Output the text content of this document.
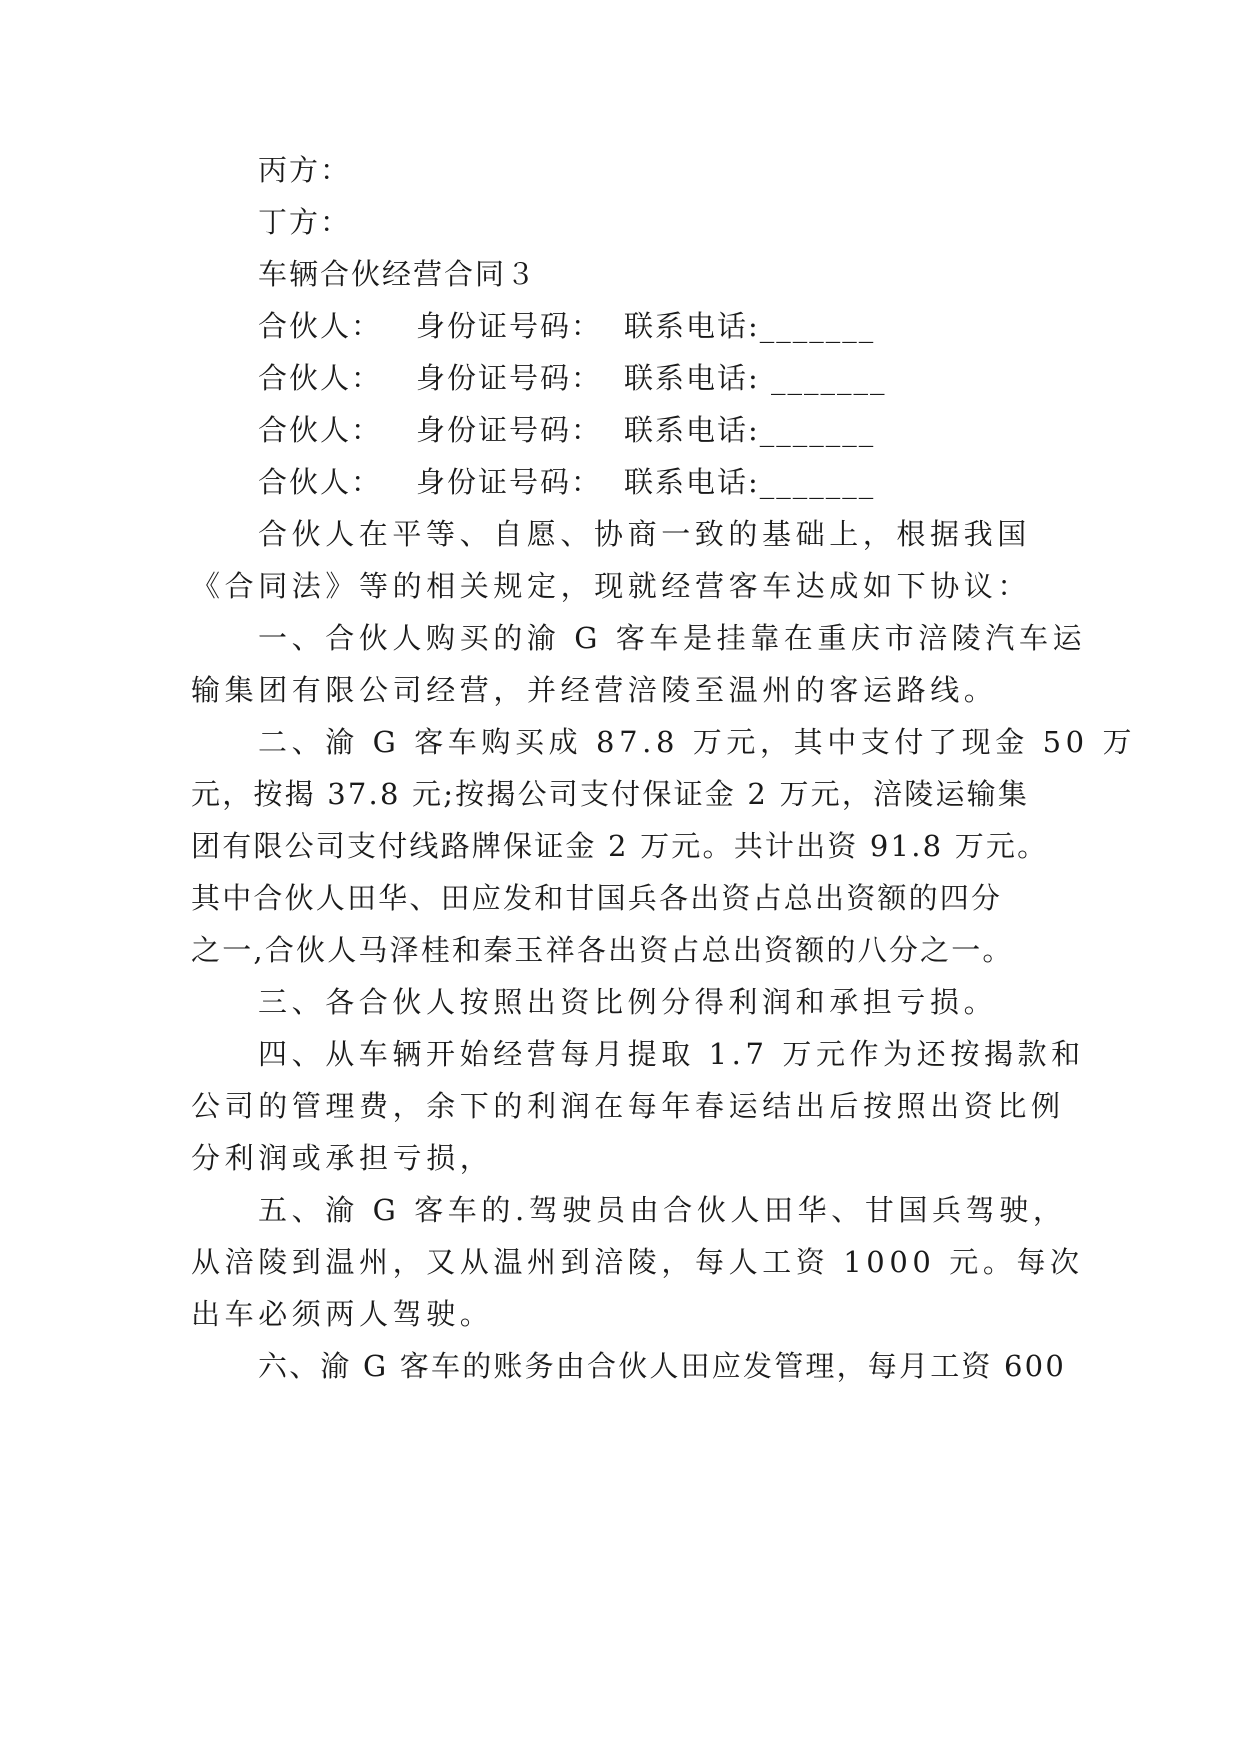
丙方：
丁方：
车辆合伙经营合同３
合伙人： 身份证号码： 联系电话:_______
合伙人： 身份证号码： 联系电话: _______
合伙人： 身份证号码： 联系电话:_______
合伙人： 身份证号码： 联系电话:_______
合伙人在平等、自愿、协商一致的基础上，根据我国
《合同法》等的相关规定，现就经营客车达成如下协议：
一、合伙人购买的渝 G 客车是挂靠在重庆市涪陵汽车运
输集团有限公司经营，并经营涪陵至温州的客运路线。
二、渝 G 客车购买成 87.8 万元，其中支付了现金 50 万
元，按揭 37.8 元;按揭公司支付保证金 2 万元，涪陵运输集
团有限公司支付线路牌保证金 2 万元。共计出资 91.8 万元。
其中合伙人田华、田应发和甘国兵各出资占总出资额的四分
之一,合伙人马泽桂和秦玉祥各出资占总出资额的八分之一。
三、各合伙人按照出资比例分得利润和承担亏损。
四、从车辆开始经营每月提取 1.7 万元作为还按揭款和
公司的管理费，余下的利润在每年春运结出后按照出资比例
分利润或承担亏损，
五、渝 G 客车的.驾驶员由合伙人田华、甘国兵驾驶，
从涪陵到温州，又从温州到涪陵，每人工资 1000 元。每次
出车必须两人驾驶。
六、渝 G 客车的账务由合伙人田应发管理，每月工资 600
